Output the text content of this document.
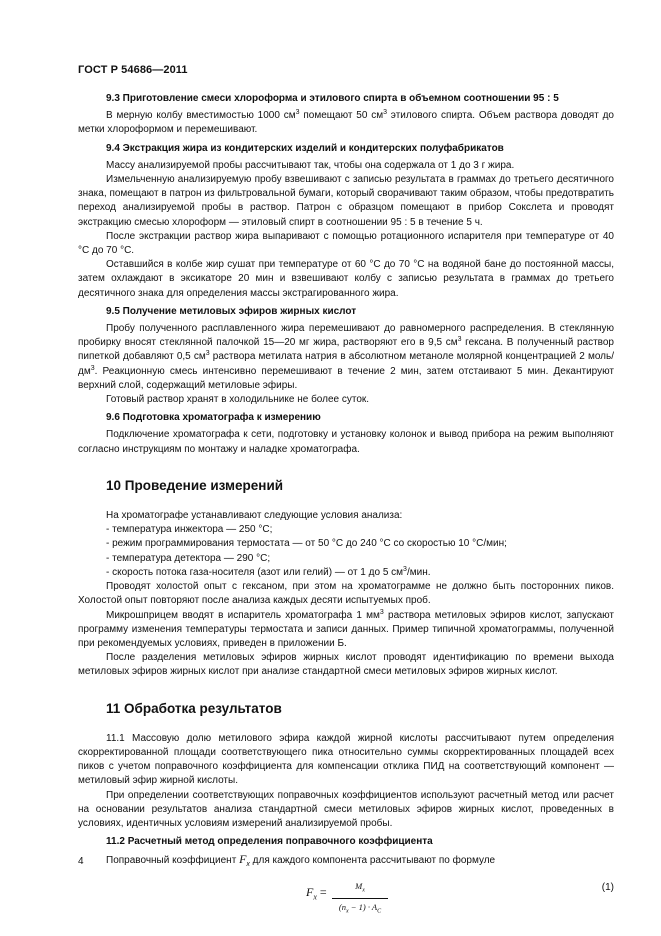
ГОСТ Р 54686—2011

9.3 Приготовление смеси хлороформа и этилового спирта в объемном соотношении 95 : 5

В мерную колбу вместимостью 1000 $см^3$ помещают 50 $см^3$ этилового спирта. Объем раствора доводят до метки хлороформом и перемешивают.

9.4 Экстракция жира из кондитерских изделий и кондитерских полуфабрикатов

Массу анализируемой пробы рассчитывают так, чтобы она содержала от 1 до 3 г жира.

Измельченную анализируемую пробу взвешивают с записью результата в граммах до третьего десятичного знака, помещают в патрон из фильтровальной бумаги, который сворачивают таким образом, чтобы предотвратить переход анализируемой пробы в раствор. Патрон с образцом помещают в прибор Сокслета и проводят экстракцию смесью хлороформ — этиловый спирт в соотношении 95 : 5 в течение 5 ч.

После экстракции раствор жира выпаривают с помощью ротационного испарителя при температуре от 40 °С до 70 °С.

Оставшийся в колбе жир сушат при температуре от 60 °С до 70 °С на водяной бане до постоянной массы, затем охлаждают в эксикаторе 20 мин и взвешивают колбу с записью результата в граммах до третьего десятичного знака для определения массы экстрагированного жира.

9.5 Получение метиловых эфиров жирных кислот

Пробу полученного расплавленного жира перемешивают до равномерного распределения. В стеклянную пробирку вносят стеклянной палочкой 15—20 мг жира, растворяют его в 9,5 $см^3$ гексана. В полученный раствор пипеткой добавляют 0,5 $см^3$ раствора метилата натрия в абсолютном метаноле молярной концентрацией 2 моль/$дм^3$. Реакционную смесь интенсивно перемешивают в течение 2 мин, затем отстаивают 5 мин. Декантируют верхний слой, содержащий метиловые эфиры.

Готовый раствор хранят в холодильнике не более суток.

9.6 Подготовка хроматографа к измерению

Подключение хроматографа к сети, подготовку и установку колонок и вывод прибора на режим выполняют согласно инструкциям по монтажу и наладке хроматографа.

10 Проведение измерений

На хроматографе устанавливают следующие условия анализа:

- температура инжектора — 250 °С;

- режим программирования термостата — от 50 °С до 240 °С со скоростью 10 °С/мин;

- температура детектора — 290 °С;

- скорость потока газа-носителя (азот или гелий) — от 1 до 5 $см^3$/мин.

Проводят холостой опыт с гексаном, при этом на хроматограмме не должно быть посторонних пиков. Холостой опыт повторяют после анализа каждых десяти испытуемых проб.

Микрошприцем вводят в испаритель хроматографа 1 $мм^3$ раствора метиловых эфиров кислот, запускают программу изменения температуры термостата и записи данных. Пример типичной хроматограммы, полученной при рекомендуемых условиях, приведен в приложении Б.

После разделения метиловых эфиров жирных кислот проводят идентификацию по времени выхода метиловых эфиров жирных кислот при анализе стандартной смеси метиловых эфиров жирных кислот.

11 Обработка результатов

11.1 Массовую долю метилового эфира каждой жирной кислоты рассчитывают путем определения скорректированной площади соответствующего пика относительно суммы скорректированных площадей всех пиков с учетом поправочного коэффициента для компенсации отклика ПИД на соответствующий компонент — метиловый эфир жирной кислоты.

При определении соответствующих поправочных коэффициентов используют расчетный метод или расчет на основании результатов анализа стандартной смеси метиловых эфиров жирных кислот, проведенных в условиях, идентичных условиям измерений анализируемой пробы.

11.2 Расчетный метод определения поправочного коэффициента

Поправочный коэффициент $F_x$ для каждого компонента рассчитывают по формуле

$F_x = \frac{M_x}{(n_x - 1) \cdot A_C}$	(1)
4
